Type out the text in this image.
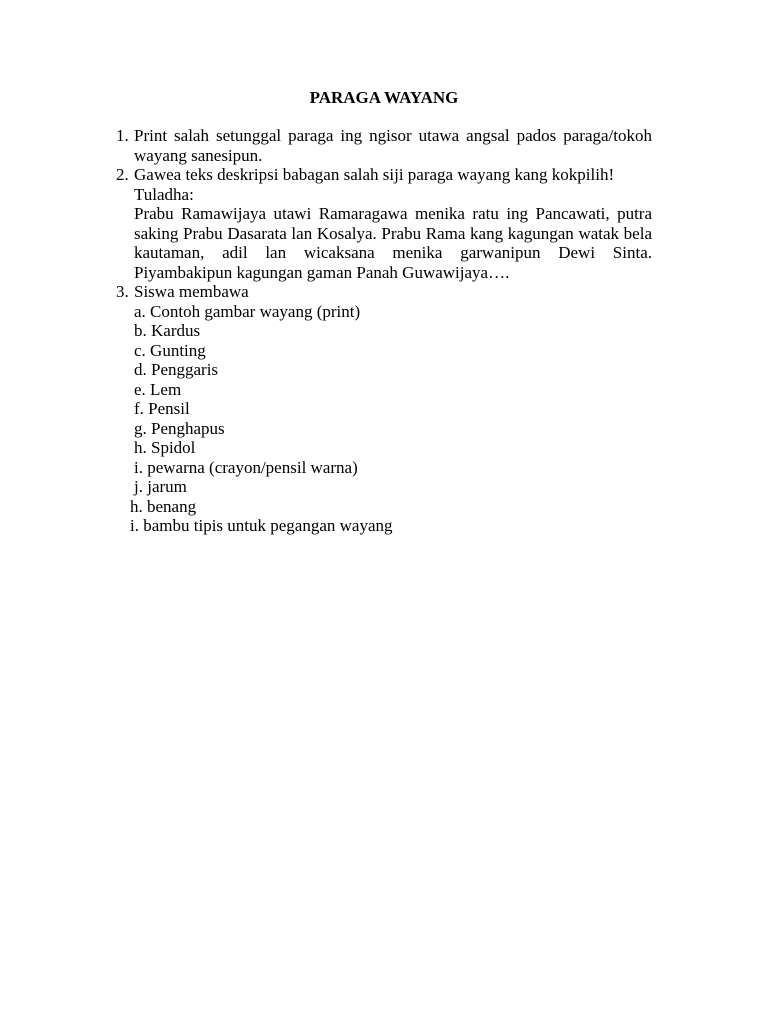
PARAGA WAYANG
1. Print salah setunggal paraga ing ngisor utawa angsal pados paraga/tokoh wayang sanesipun.
2. Gawea teks deskripsi babagan salah siji paraga wayang kang kokpilih!
Tuladha:
Prabu Ramawijaya utawi Ramaragawa menika ratu ing Pancawati, putra saking Prabu Dasarata lan Kosalya. Prabu Rama kang kagungan watak bela kautaman, adil lan wicaksana menika garwanipun Dewi Sinta. Piyambakipun kagungan gaman Panah Guwawijaya….
3. Siswa membawa
a. Contoh gambar wayang (print)
b. Kardus
c. Gunting
d. Penggaris
e. Lem
f. Pensil
g. Penghapus
h. Spidol
i. pewarna (crayon/pensil warna)
j. jarum
h. benang
i. bambu tipis untuk pegangan wayang
